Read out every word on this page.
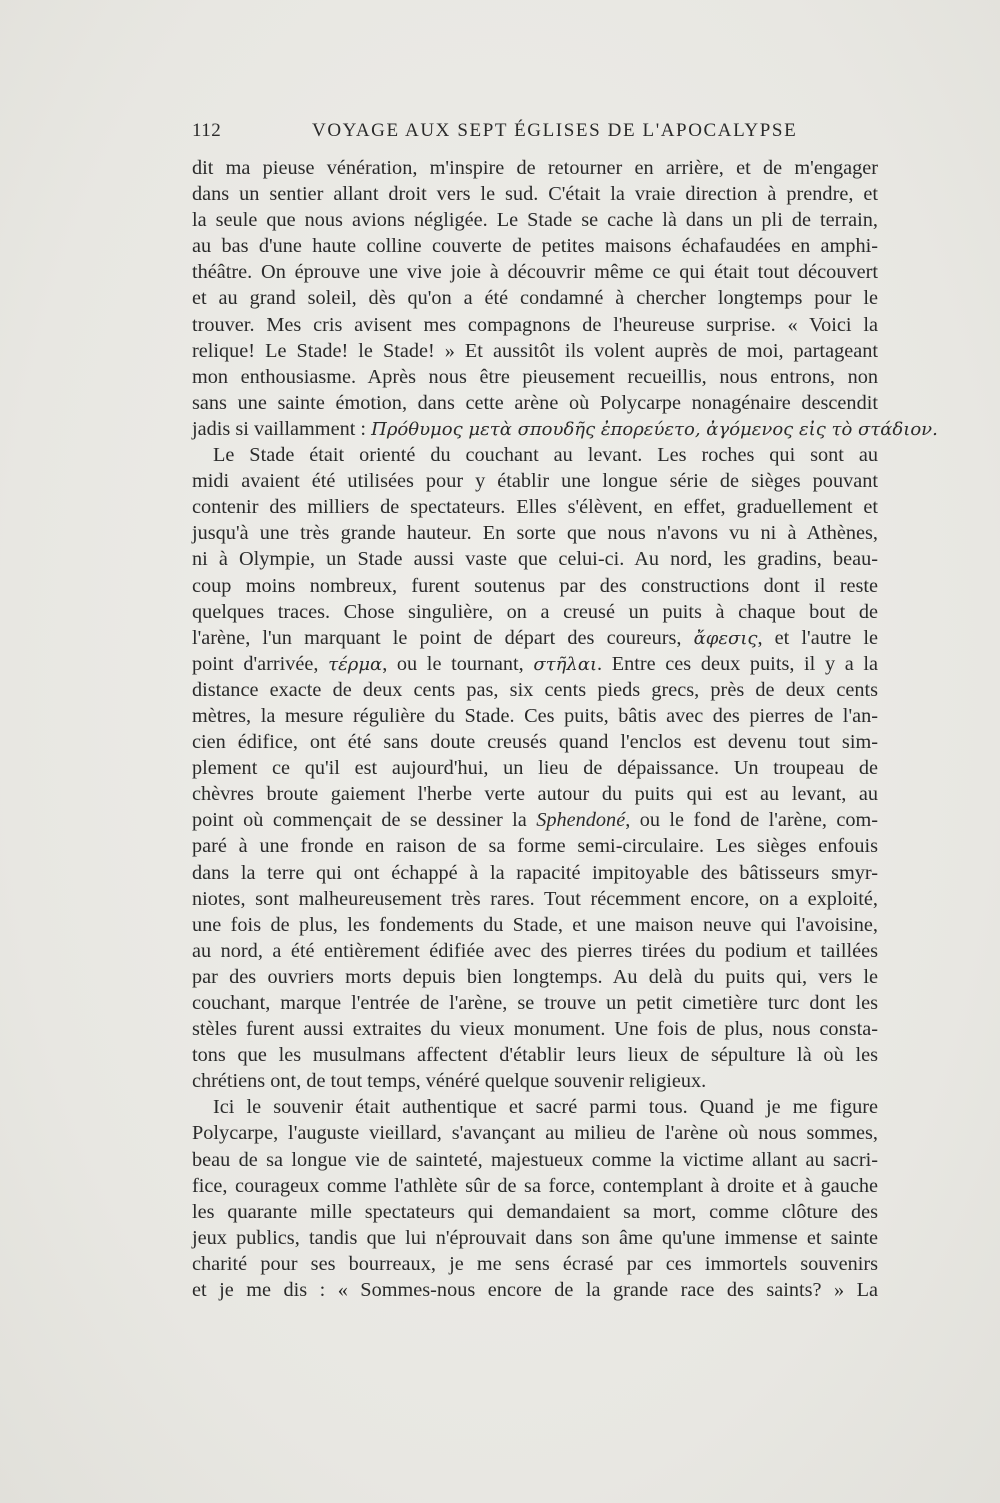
112	VOYAGE AUX SEPT ÉGLISES DE L'APOCALYPSE
dit ma pieuse vénération, m'inspire de retourner en arrière, et de m'engager
dans un sentier allant droit vers le sud. C'était la vraie direction à prendre, et
la seule que nous avions négligée. Le Stade se cache là dans un pli de terrain,
au bas d'une haute colline couverte de petites maisons échafaudées en amphi-
théâtre. On éprouve une vive joie à découvrir même ce qui était tout découvert
et au grand soleil, dès qu'on a été condamné à chercher longtemps pour le
trouver. Mes cris avisent mes compagnons de l'heureuse surprise. « Voici la
relique! Le Stade! le Stade! » Et aussitôt ils volent auprès de moi, partageant
mon enthousiasme. Après nous être pieusement recueillis, nous entrons, non
sans une sainte émotion, dans cette arène où Polycarpe nonagénaire descendit
jadis si vaillamment : Πρόθυμος μετὰ σπουδῆς ἐπορεύετο, ἀγόμενος εἰς τὸ στάδιον.
Le Stade était orienté du couchant au levant. Les roches qui sont au
midi avaient été utilisées pour y établir une longue série de sièges pouvant
contenir des milliers de spectateurs. Elles s'élèvent, en effet, graduellement et
jusqu'à une très grande hauteur. En sorte que nous n'avons vu ni à Athènes,
ni à Olympie, un Stade aussi vaste que celui-ci. Au nord, les gradins, beau-
coup moins nombreux, furent soutenus par des constructions dont il reste
quelques traces. Chose singulière, on a creusé un puits à chaque bout de
l'arène, l'un marquant le point de départ des coureurs, ἄφεσις, et l'autre le
point d'arrivée, τέρμα, ou le tournant, στῆλαι. Entre ces deux puits, il y a la
distance exacte de deux cents pas, six cents pieds grecs, près de deux cents
mètres, la mesure régulière du Stade. Ces puits, bâtis avec des pierres de l'an-
cien édifice, ont été sans doute creusés quand l'enclos est devenu tout sim-
plement ce qu'il est aujourd'hui, un lieu de dépaissance. Un troupeau de
chèvres broute gaiement l'herbe verte autour du puits qui est au levant, au
point où commençait de se dessiner la Sphendoné, ou le fond de l'arène, com-
paré à une fronde en raison de sa forme semi-circulaire. Les sièges enfouis
dans la terre qui ont échappé à la rapacité impitoyable des bâtisseurs smyr-
niotes, sont malheureusement très rares. Tout récemment encore, on a exploité,
une fois de plus, les fondements du Stade, et une maison neuve qui l'avoisine,
au nord, a été entièrement édifiée avec des pierres tirées du podium et taillées
par des ouvriers morts depuis bien longtemps. Au delà du puits qui, vers le
couchant, marque l'entrée de l'arène, se trouve un petit cimetière turc dont les
stèles furent aussi extraites du vieux monument. Une fois de plus, nous consta-
tons que les musulmans affectent d'établir leurs lieux de sépulture là où les
chrétiens ont, de tout temps, vénéré quelque souvenir religieux.
Ici le souvenir était authentique et sacré parmi tous. Quand je me figure
Polycarpe, l'auguste vieillard, s'avançant au milieu de l'arène où nous sommes,
beau de sa longue vie de sainteté, majestueux comme la victime allant au sacri-
fice, courageux comme l'athlète sûr de sa force, contemplant à droite et à gauche
les quarante mille spectateurs qui demandaient sa mort, comme clôture des
jeux publics, tandis que lui n'éprouvait dans son âme qu'une immense et sainte
charité pour ses bourreaux, je me sens écrasé par ces immortels souvenirs
et je me dis : « Sommes-nous encore de la grande race des saints? » La
